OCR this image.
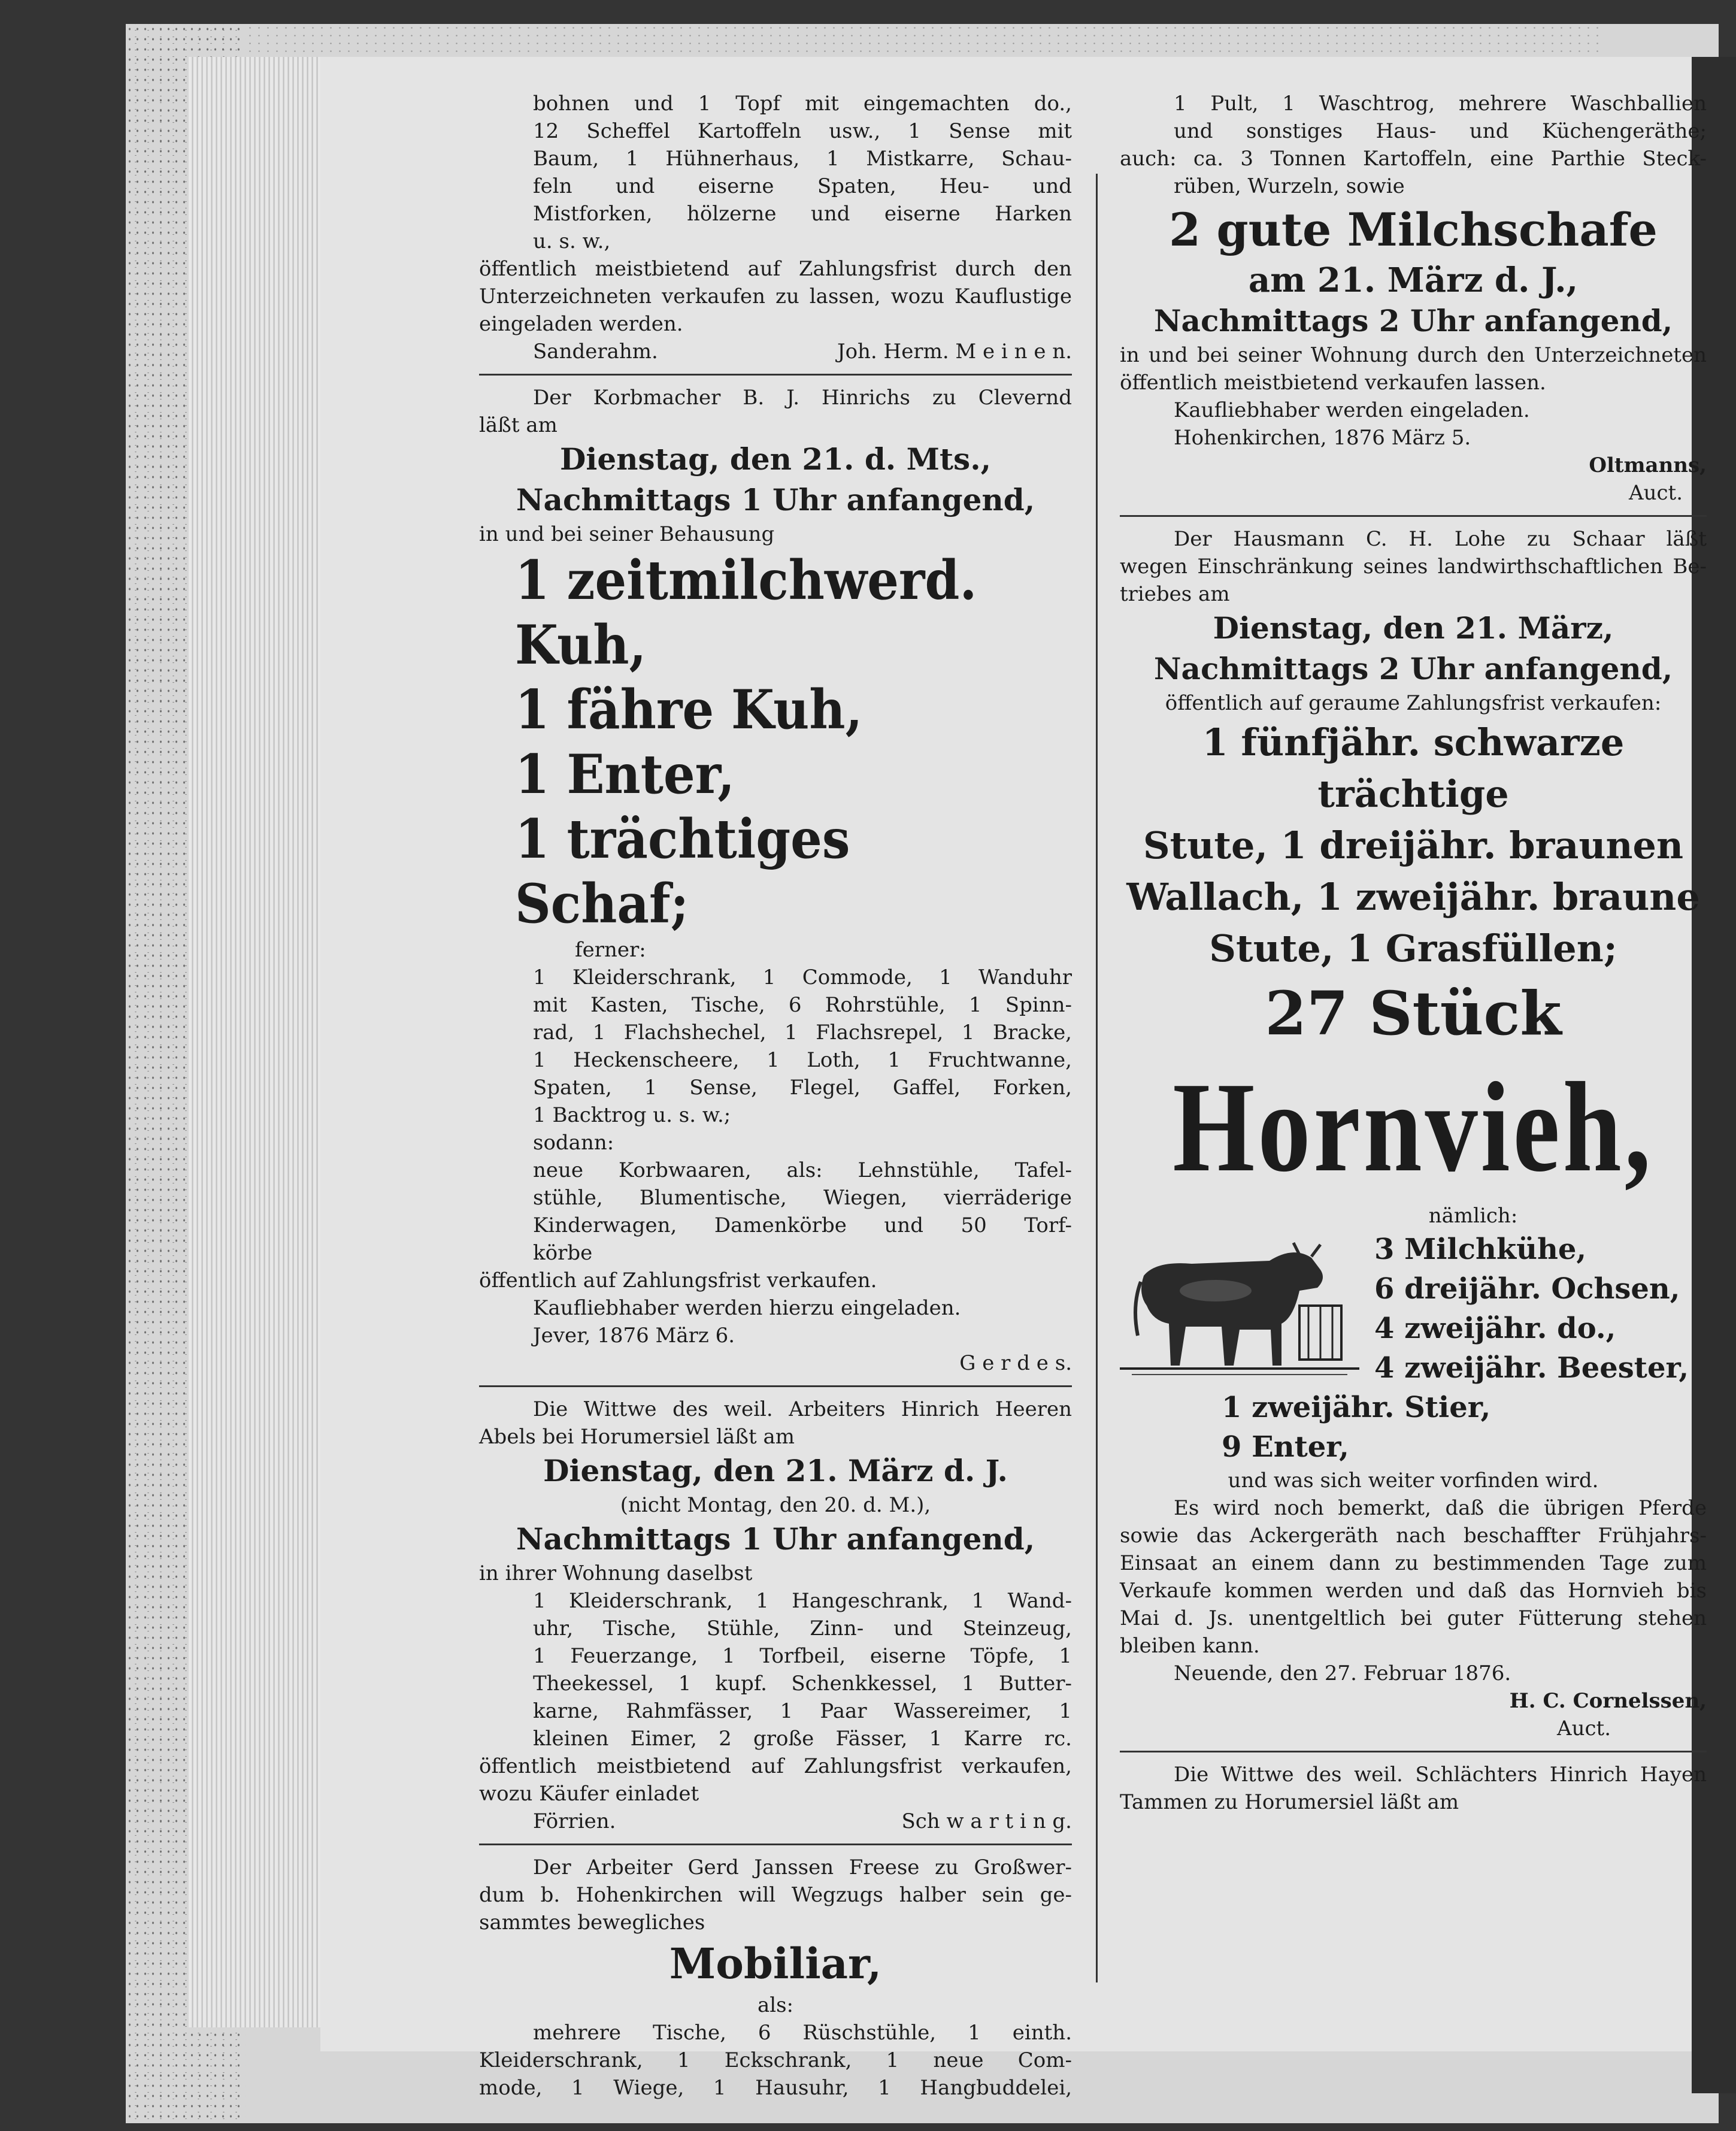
bohnen und 1 Topf mit eingemachten do.,

12 Scheffel Kartoffeln usw., 1 Sense mit

Baum, 1 Hühnerhaus, 1 Mistkarre, Schau-

feln und eiserne Spaten, Heu- und

Mistforken, hölzerne und eiserne Harken

u. s. w.,

öffentlich meistbietend auf Zahlungsfrist durch den

Unterzeichneten verkaufen zu lassen, wozu Kauflustige

eingeladen werden.

Sanderahm.	Joh. Herm. M e i n e n.

Der Korbmacher B. J. Hinrichs zu Clevernd

läßt am

Dienstag, den 21. d. Mts.,

Nachmittags 1 Uhr anfangend,

in und bei seiner Behausung

1 zeitmilchwerd. Kuh,

1 fähre Kuh,

1 Enter,

1 trächtiges Schaf;

ferner:

1 Kleiderschrank, 1 Commode, 1 Wanduhr

mit Kasten, Tische, 6 Rohrstühle, 1 Spinn-

rad, 1 Flachshechel, 1 Flachsrepel, 1 Bracke,

1 Heckenscheere, 1 Loth, 1 Fruchtwanne,

Spaten, 1 Sense, Flegel, Gaffel, Forken,

1 Backtrog u. s. w.;

sodann:

neue Korbwaaren, als: Lehnstühle, Tafel-

stühle, Blumentische, Wiegen, vierräderige

Kinderwagen, Damenkörbe und 50 Torf-

körbe

öffentlich auf Zahlungsfrist verkaufen.

Kaufliebhaber werden hierzu eingeladen.

Jever, 1876 März 6.

G e r d e s.

Die Wittwe des weil. Arbeiters Hinrich Heeren

Abels bei Horumersiel läßt am

Dienstag, den 21. März d. J.

(nicht Montag, den 20. d. M.),

Nachmittags 1 Uhr anfangend,

in ihrer Wohnung daselbst

1 Kleiderschrank, 1 Hangeschrank, 1 Wand-

uhr, Tische, Stühle, Zinn- und Steinzeug,

1 Feuerzange, 1 Torfbeil, eiserne Töpfe, 1

Theekessel, 1 kupf. Schenkkessel, 1 Butter-

karne, Rahmfässer, 1 Paar Wassereimer, 1

kleinen Eimer, 2 große Fässer, 1 Karre rc.

öffentlich meistbietend auf Zahlungsfrist verkaufen,

wozu Käufer einladet

Förrien.	Sch w a r t i n g.

Der Arbeiter Gerd Janssen Freese zu Großwer-

dum b. Hohenkirchen will Wegzugs halber sein ge-

sammtes bewegliches

Mobiliar,

als:

mehrere Tische, 6 Rüschstühle, 1 einth.

Kleiderschrank, 1 Eckschrank, 1 neue Com-

mode, 1 Wiege, 1 Hausuhr, 1 Hangbuddelei,

1 Pult, 1 Waschtrog, mehrere Waschballien

und sonstiges Haus- und Küchengeräthe;

auch: ca. 3 Tonnen Kartoffeln, eine Parthie Steck-

rüben, Wurzeln, sowie

2 gute Milchschafe

am 21. März d. J.,

Nachmittags 2 Uhr anfangend,

in und bei seiner Wohnung durch den Unterzeichneten

öffentlich meistbietend verkaufen lassen.

Kaufliebhaber werden eingeladen.

Hohenkirchen, 1876 März 5.

Oltmanns,

Auct.

Der Hausmann C. H. Lohe zu Schaar läßt

wegen Einschränkung seines landwirthschaftlichen Be-

triebes am

Dienstag, den 21. März,

Nachmittags 2 Uhr anfangend,

öffentlich auf geraume Zahlungsfrist verkaufen:

1 fünfjähr. schwarze trächtige

Stute, 1 dreijähr. braunen

Wallach, 1 zweijähr. braune

Stute, 1 Grasfüllen;

27 Stück

Hornvieh,

nämlich:

3 Milchkühe,

6 dreijähr. Ochsen,

4 zweijähr. do.,

4 zweijähr. Beester,

1 zweijähr. Stier,

9 Enter,

und was sich weiter vorfinden wird.

Es wird noch bemerkt, daß die übrigen Pferde

sowie das Ackergeräth nach beschaffter Frühjahrs-

Einsaat an einem dann zu bestimmenden Tage zum

Verkaufe kommen werden und daß das Hornvieh bis

Mai d. Js. unentgeltlich bei guter Fütterung stehen

bleiben kann.

Neuende, den 27. Februar 1876.

H. C. Cornelssen,

Auct.

Die Wittwe des weil. Schlächters Hinrich Hayen

Tammen zu Horumersiel läßt am
